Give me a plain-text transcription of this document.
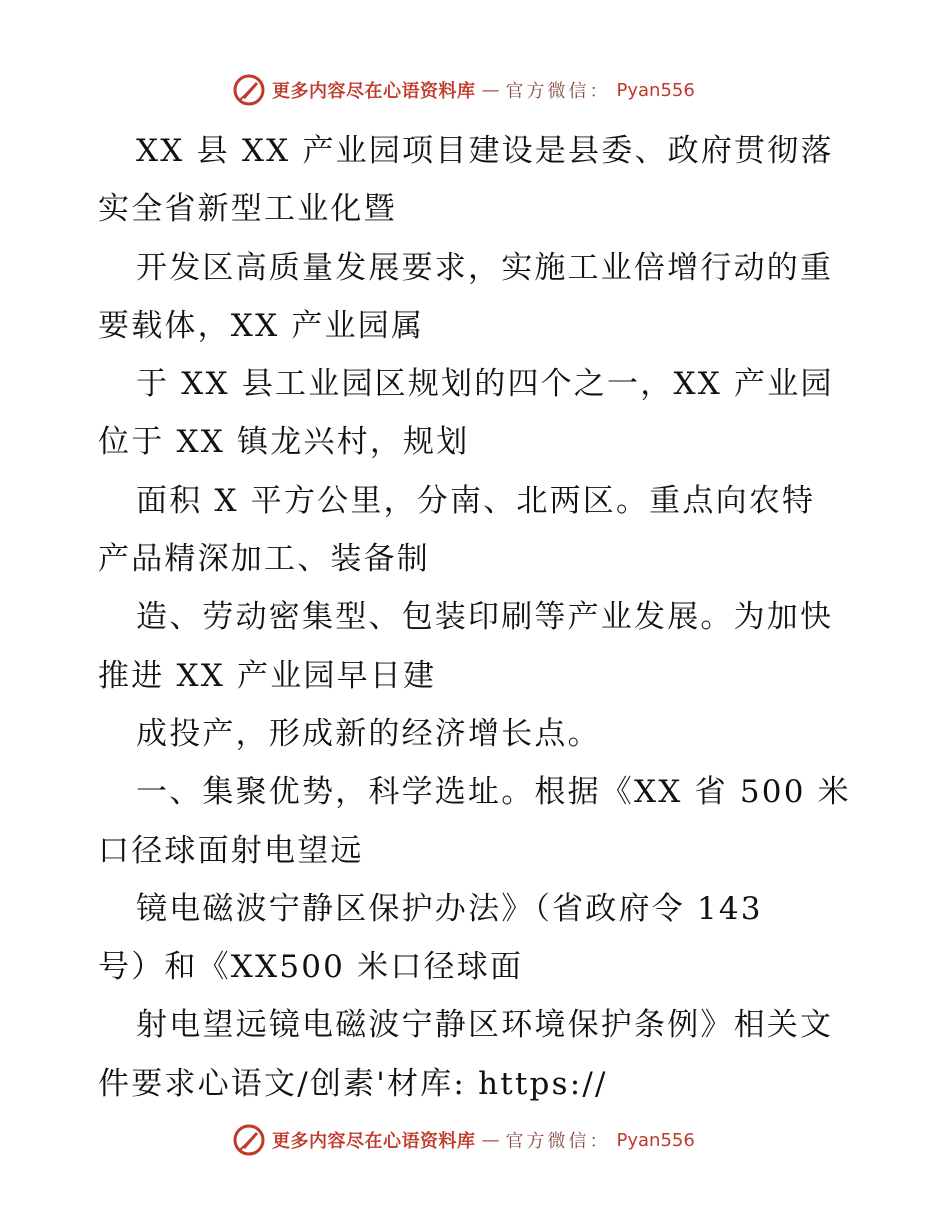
更多内容尽在心语资料库 — 官方微信： Pyan556
XX 县 XX 产业园项目建设是县委、政府贯彻落
实全省新型工业化暨
开发区高质量发展要求，实施工业倍增行动的重
要载体，XX 产业园属
于 XX 县工业园区规划的四个之一，XX 产业园
位于 XX 镇龙兴村，规划
面积 X 平方公里，分南、北两区。重点向农特
产品精深加工、装备制
造、劳动密集型、包装印刷等产业发展。为加快
推进 XX 产业园早日建
成投产，形成新的经济增长点。
一、集聚优势，科学选址。根据《XX 省 500 米
口径球面射电望远
镜电磁波宁静区保护办法》（省政府令 143
号）和《XX500 米口径球面
射电望远镜电磁波宁静区环境保护条例》相关文
件要求心语文/创素'材库: https://
更多内容尽在心语资料库 — 官方微信： Pyan556
